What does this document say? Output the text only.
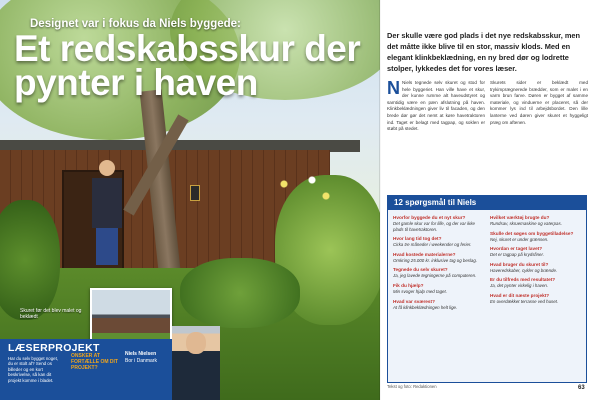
Designet var i fokus da Niels byggede:
Et redskabsskur der pynter i haven
Skuret før det blev malet og beklædt
LÆSERPROJEKT
Har du selv bygget noget, du er stolt af? Send os billeder og en kort beskrivelse, så kan dit projekt komme i bladet.
ONSKER AT FORTÆLLE OM DIT PROJEKT?
Niels Nielsen
Bor i Danmark
Der skulle være god plads i det nye redskabsskur, men det måtte ikke blive til en stor, massiv klods. Med en elegant klinkbeklædning, en ny bred dør og lodrette stolper, lykkedes det for vores læser.
N Niels tegnede selv skuret og stod for hele byggeriet. Han ville have et skur, der kunne rumme alt haveudstyret og samtidig være en pæn afslutning på haven. Klinkbeklædningen giver liv til facaden, og den brede dør gør det nemt at køre havetraktoren ind. Taget er belagt med tagpap, og soklen er støbt på stedet.
Skurets sider er beklædt med trykimprægnerede brædder, som er malet i en varm brun farve. Døren er bygget af samme materiale, og vinduerne er placeret, så der kommer lys ind til arbejdsbordet. Den lille lanterne ved døren giver skuret et hyggeligt præg om aftenen.
12 spørgsmål til Niels
Hvorfor byggede du et nyt skur?
Det gamle skur var for lille, og der var ikke plads til havetraktoren.
Hvor lang tid tog det?
Cirka tre måneder i weekender og ferier.
Hvad kostede materialerne?
Omkring 25.000 kr. inklusive tag og beslag.
Tegnede du selv skuret?
Ja, jeg lavede tegningerne på computeren.
Fik du hjælp?
Min svoger hjalp med taget.
Hvad var sværest?
At få klinkbeklædningen helt lige.
Hvilket værktøj brugte du?
Rundsav, skruemaskine og vaterpas.
Skulle det søges om byggetilladelse?
Nej, skuret er under grænsen.
Hvordan er taget lavet?
Det er tagpap på krydsfiner.
Hvad bruger du skuret til?
Haveredskaber, cykler og brænde.
Er du tilfreds med resultatet?
Ja, det pynter virkelig i haven.
Hvad er dit næste projekt?
En overdækket terrasse ved huset.
Tekst og foto: Redaktionen	63
